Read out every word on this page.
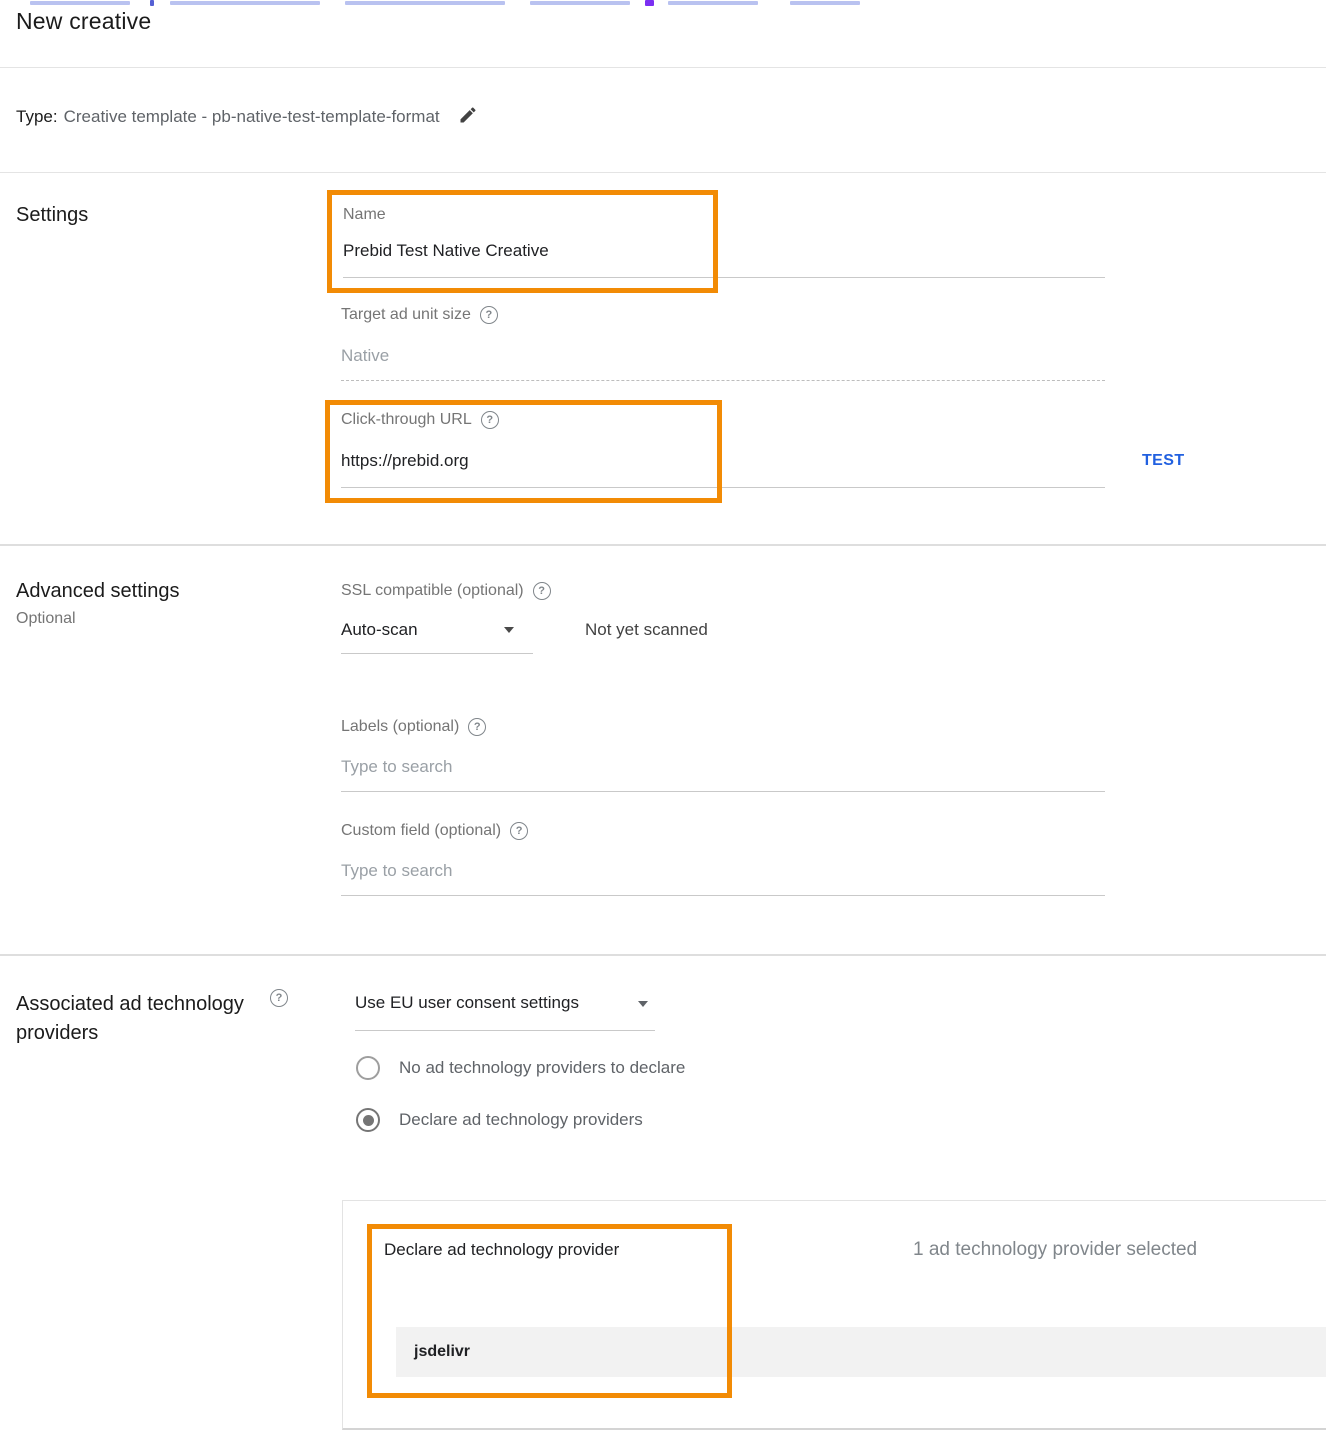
New creative
Type: Creative template - pb-native-test-template-format
Settings	Name
Prebid Test Native Creative
Target ad unit size
?
Native
Click-through URL
?
https://prebid.org	TEST
Advanced settings
Optional
SSL compatible (optional)
?
Auto-scan	Not yet scanned
Labels (optional)
?
Type to search
Custom field (optional)
?
Type to search
Associated ad technology providers
?
Use EU user consent settings
No ad technology providers to declare
Declare ad technology providers
Declare ad technology provider	1 ad technology provider selected
jsdelivr
